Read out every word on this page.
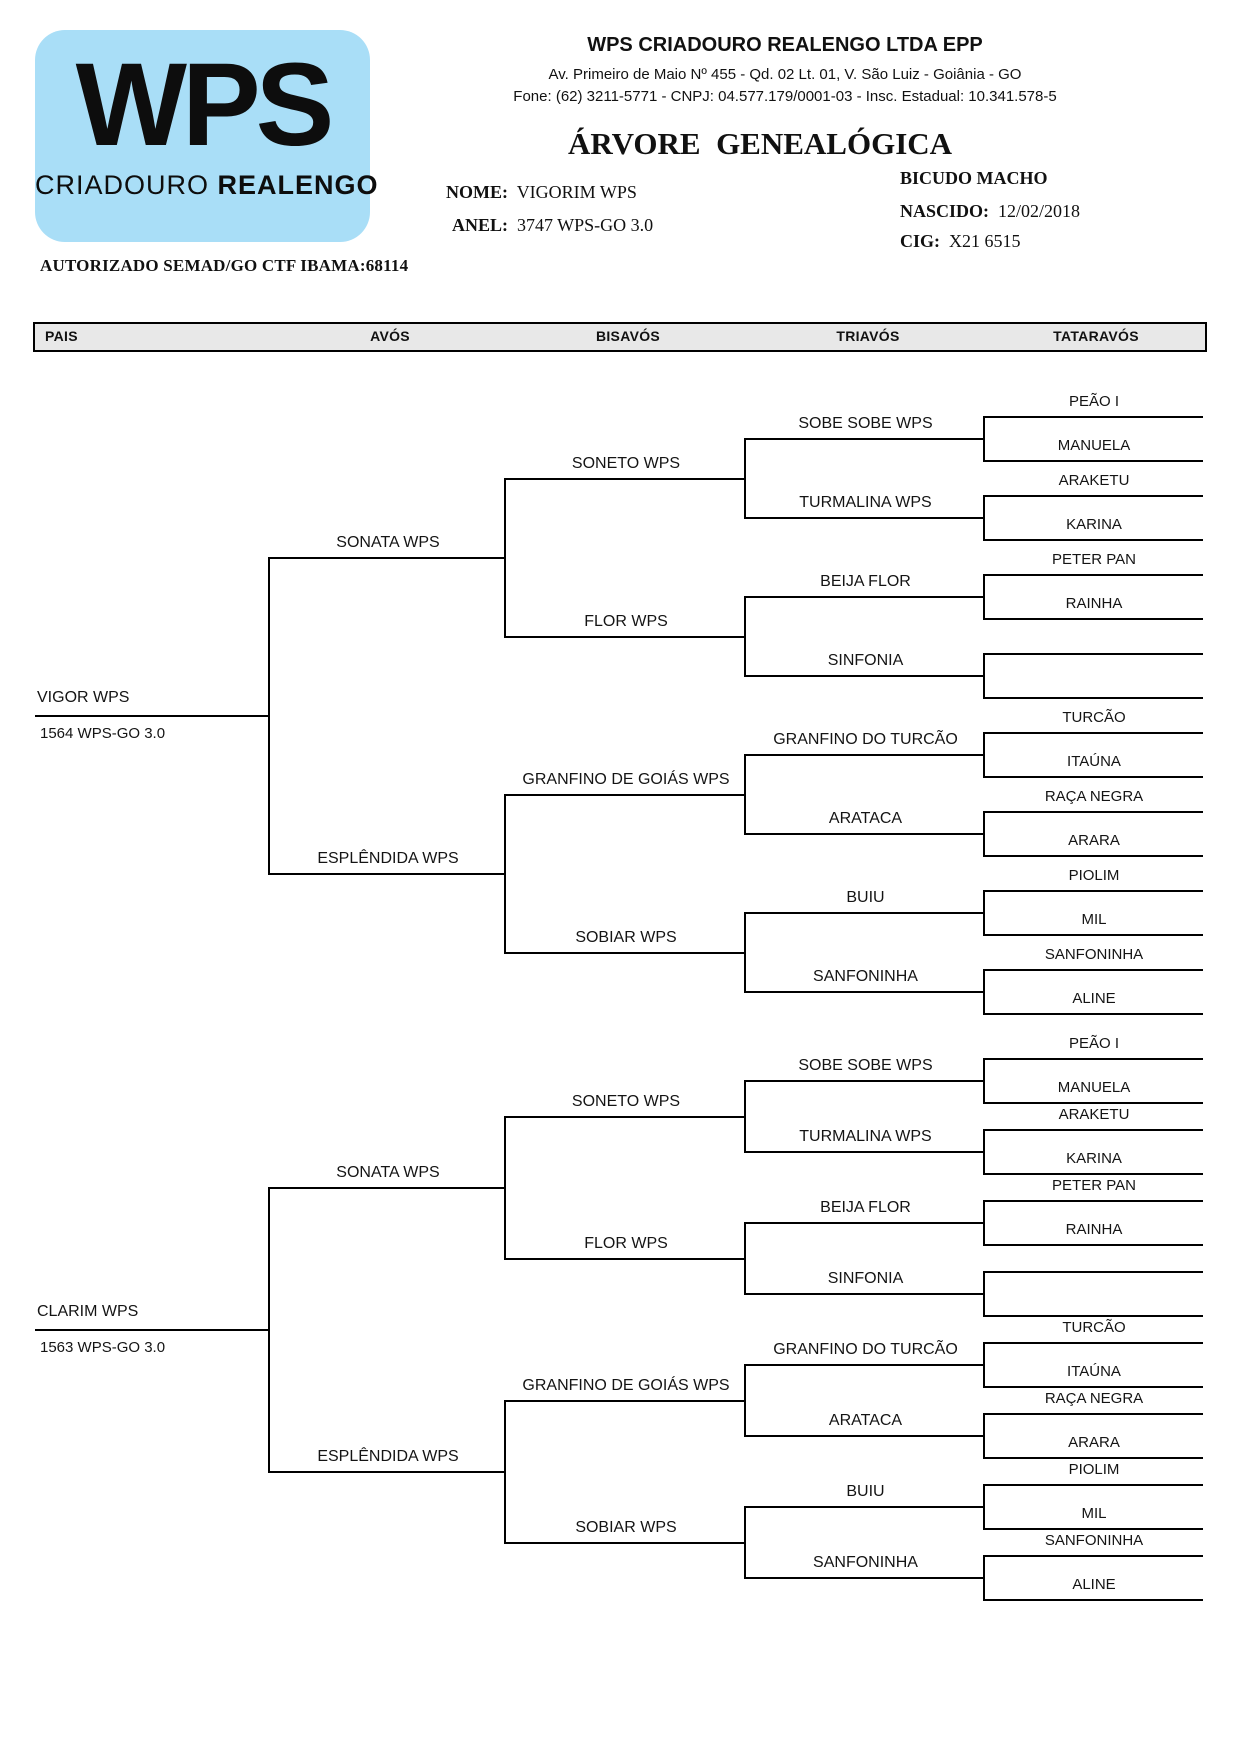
WPS
CRIADOURO REALENGO
WPS CRIADOURO REALENGO LTDA EPP
Av. Primeiro de Maio Nº 455 - Qd. 02 Lt. 01, V. São Luiz - Goiânia - GO
Fone: (62) 3211-5771 - CNPJ: 04.577.179/0001-03 - Insc. Estadual: 10.341.578-5
ÁRVORE  GENEALÓGICA
NOME: VIGORIM WPS
ANEL: 3747 WPS-GO 3.0
BICUDO MACHO
NASCIDO: 12/02/2018
CIG: X21 6515
AUTORIZADO SEMAD/GO CTF IBAMA:68114
PAIS	AVÓS	BISAVÓS	TRIAVÓS	TATARAVÓS
PEÃO I
MANUELA
SOBE SOBE WPS
ARAKETU
KARINA
TURMALINA WPS
SONETO WPS
PETER PAN
RAINHA
BEIJA FLOR
SINFONIA
FLOR WPS
SONATA WPS
TURCÃO
ITAÚNA
GRANFINO DO TURCÃO
RAÇA NEGRA
ARARA
ARATACA
GRANFINO DE GOIÁS WPS
PIOLIM
MIL
BUIU
SANFONINHA
ALINE
SANFONINHA
SOBIAR WPS
ESPLÊNDIDA WPS
VIGOR WPS
1564 WPS-GO 3.0
PEÃO I
MANUELA
SOBE SOBE WPS
ARAKETU
KARINA
TURMALINA WPS
SONETO WPS
PETER PAN
RAINHA
BEIJA FLOR
SINFONIA
FLOR WPS
SONATA WPS
TURCÃO
ITAÚNA
GRANFINO DO TURCÃO
RAÇA NEGRA
ARARA
ARATACA
GRANFINO DE GOIÁS WPS
PIOLIM
MIL
BUIU
SANFONINHA
ALINE
SANFONINHA
SOBIAR WPS
ESPLÊNDIDA WPS
CLARIM WPS
1563 WPS-GO 3.0
